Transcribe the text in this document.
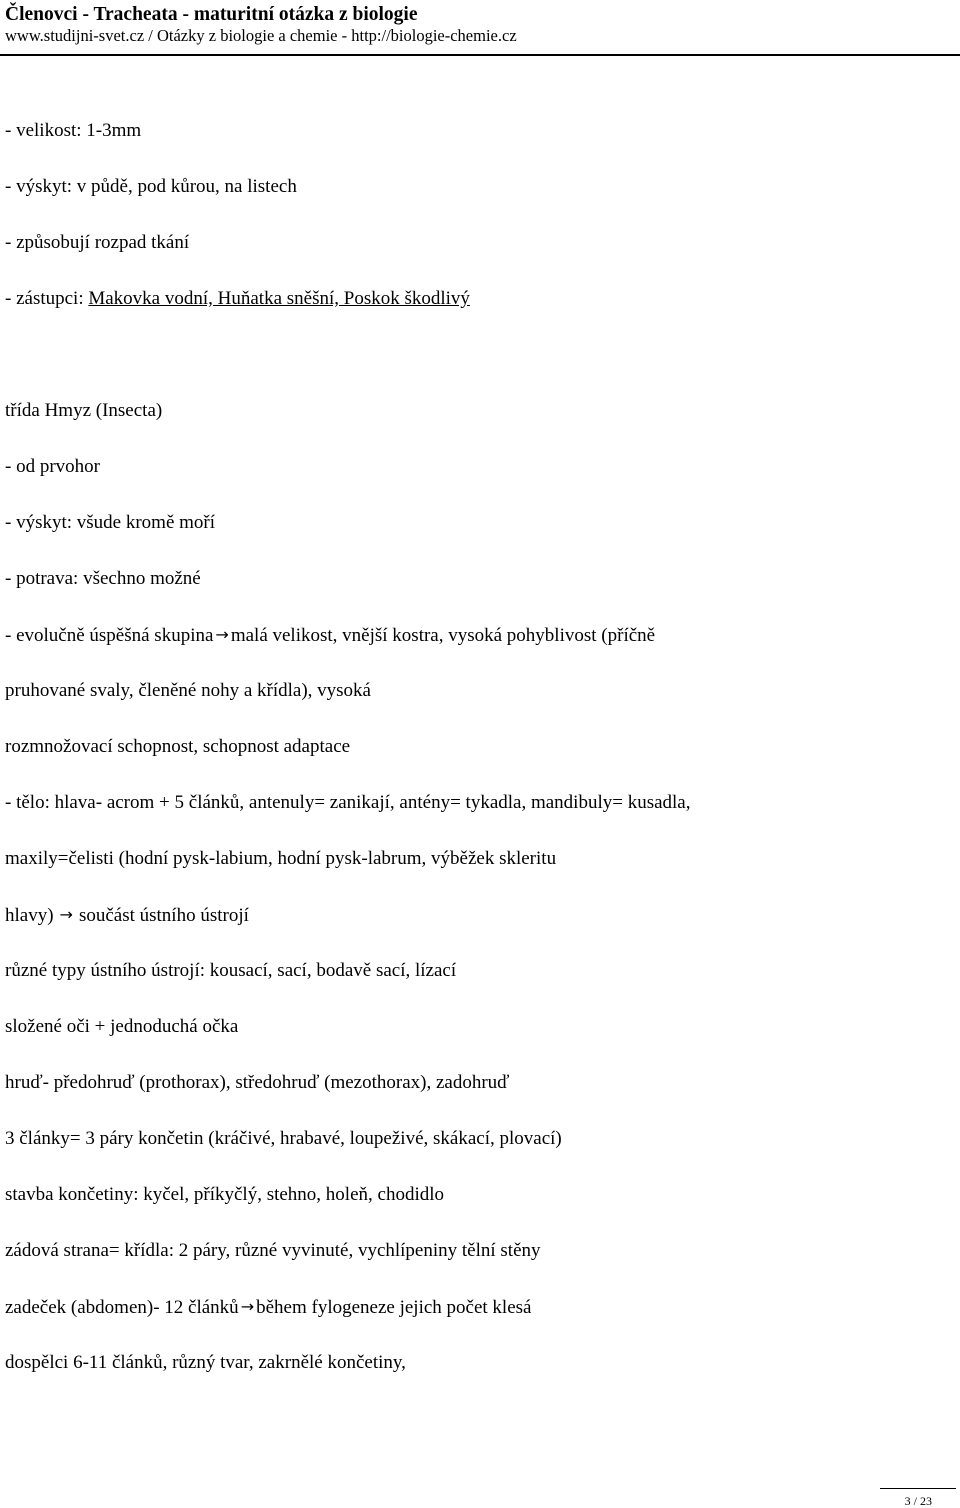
Členovci - Tracheata - maturitní otázka z biologie
www.studijni-svet.cz / Otázky z biologie a chemie - http://biologie-chemie.cz
- velikost: 1-3mm
- výskyt: v půdě, pod kůrou, na listech
- způsobují rozpad tkání
- zástupci: Makovka vodní, Huňatka sněšní, Poskok škodlivý
třída Hmyz (Insecta)
- od prvohor
- výskyt: všude kromě moří
- potrava: všechno možné
- evolučně úspěšná skupina → malá velikost, vnější kostra, vysoká pohyblivost (příčně
pruhované svaly, členěné nohy a křídla), vysoká
rozmnožovací schopnost, schopnost adaptace
- tělo: hlava- acrom + 5 článků, antenuly= zanikají, antény= tykadla, mandibuly= kusadla,
maxily=čelisti (hodní pysk-labium, hodní pysk-labrum, výběžek skleritu
hlavy) → součást ústního ústrojí
různé typy ústního ústrojí: kousací, sací, bodavě sací, lízací
složené oči + jednoduchá očka
hruď- předohruď (prothorax), středohruď (mezothorax), zadohruď
3 články= 3 páry končetin (kráčivé, hrabavé, loupeživé, skákací, plovací)
stavba končetiny: kyčel, příkyčlý, stehno, holeň, chodidlo
zádová strana= křídla: 2 páry, různé vyvinuté, vychlípeniny tělní stěny
zadeček (abdomen)- 12 článků → během fylogeneze jejich počet klesá
dospělci 6-11 článků, různý tvar, zakrnělé končetiny,
3 / 23
